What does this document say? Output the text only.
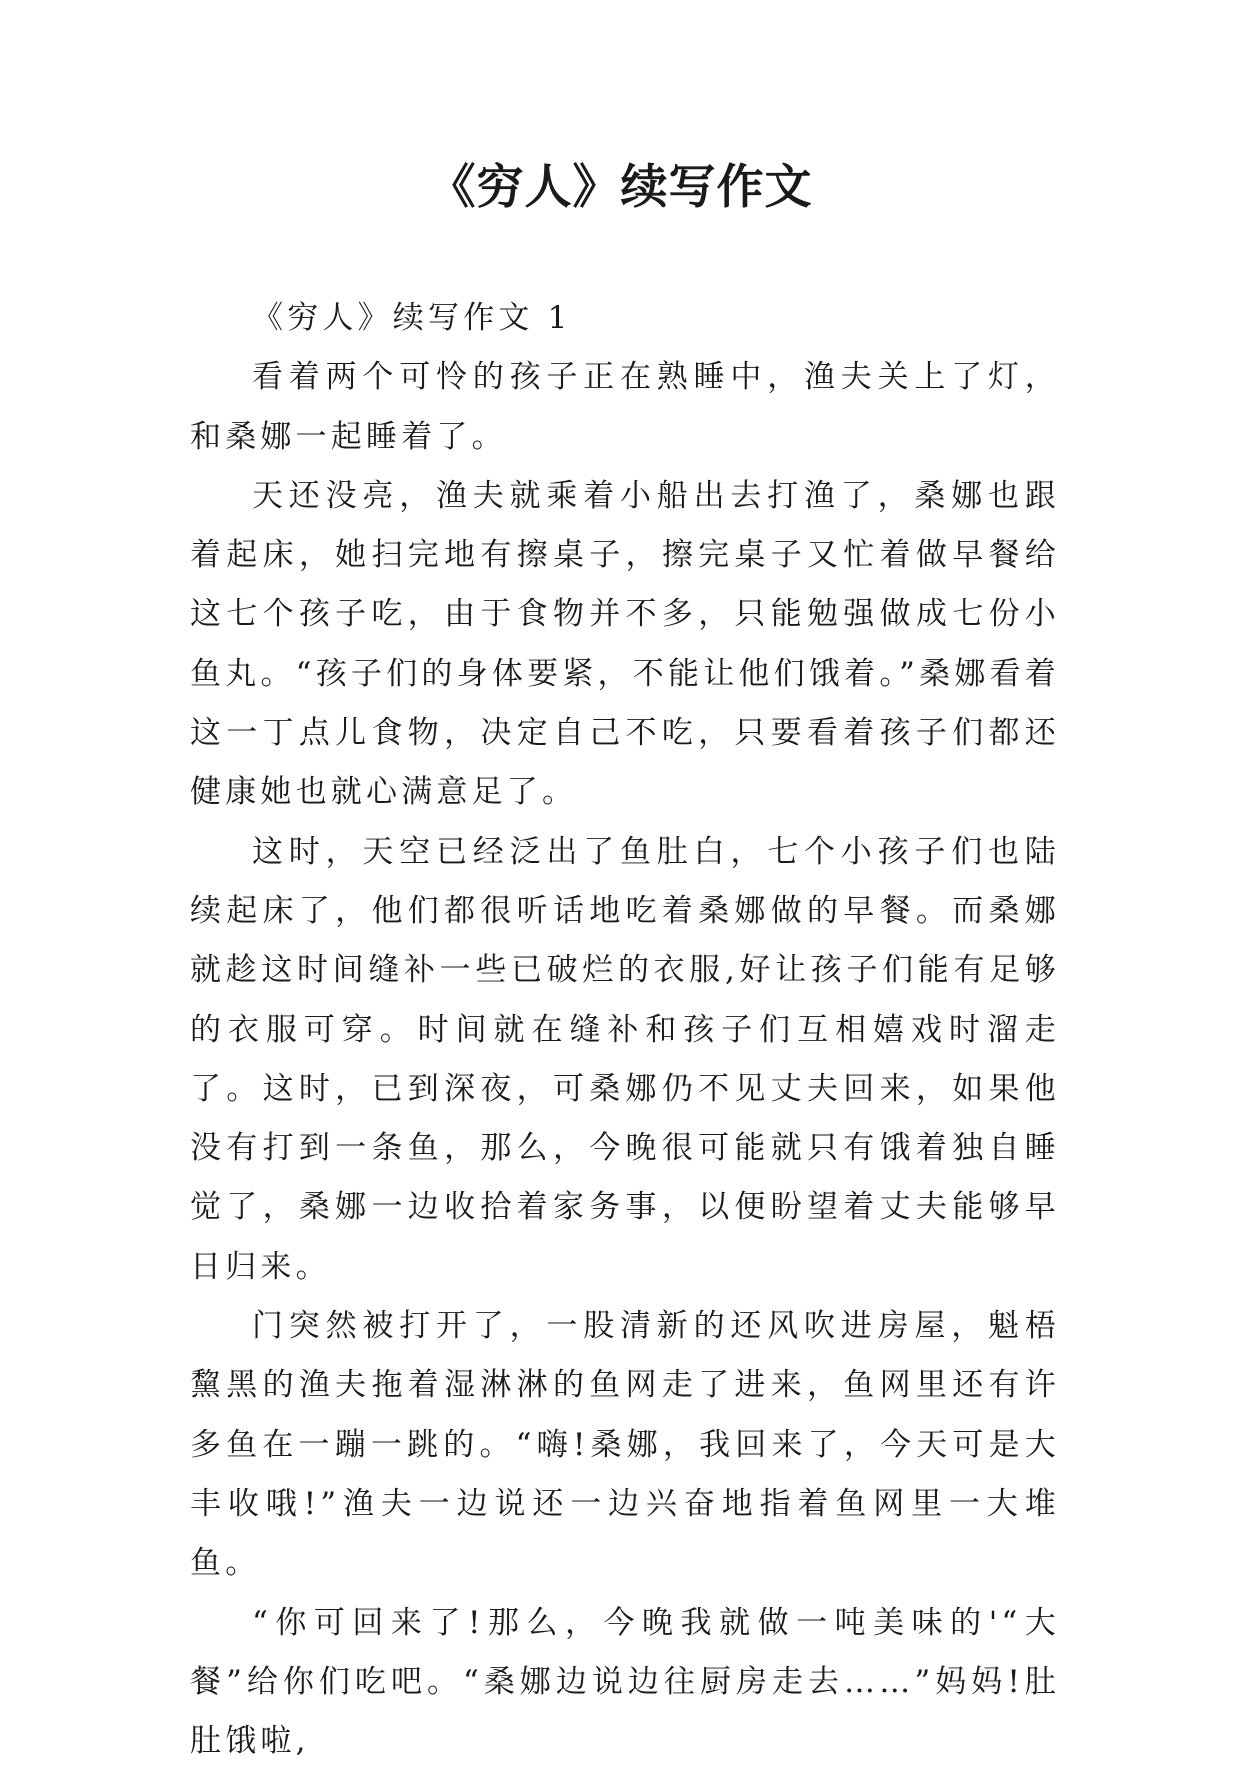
《穷人》续写作文

《穷人》续写作文 1

看着两个可怜的孩子正在熟睡中，渔夫关上了灯，和桑娜一起睡着了。

天还没亮，渔夫就乘着小船出去打渔了，桑娜也跟着起床，她扫完地有擦桌子，擦完桌子又忙着做早餐给这七个孩子吃，由于食物并不多，只能勉强做成七份小鱼丸。“孩子们的身体要紧，不能让他们饿着。”桑娜看着这一丁点儿食物，决定自己不吃，只要看着孩子们都还健康她也就心满意足了。

这时，天空已经泛出了鱼肚白，七个小孩子们也陆续起床了，他们都很听话地吃着桑娜做的早餐。而桑娜就趁这时间缝补一些已破烂的衣服,好让孩子们能有足够的衣服可穿。时间就在缝补和孩子们互相嬉戏时溜走了。这时，已到深夜，可桑娜仍不见丈夫回来，如果他没有打到一条鱼，那么，今晚很可能就只有饿着独自睡觉了，桑娜一边收拾着家务事，以便盼望着丈夫能够早日归来。

门突然被打开了，一股清新的还风吹进房屋，魁梧黧黑的渔夫拖着湿淋淋的鱼网走了进来，鱼网里还有许多鱼在一蹦一跳的。“嗨!桑娜，我回来了，今天可是大丰收哦!”渔夫一边说还一边兴奋地指着鱼网里一大堆鱼。

“你可回来了!那么，今晚我就做一吨美味的'“大餐”给你们吃吧。“桑娜边说边往厨房走去……”妈妈!肚肚饿啦,
